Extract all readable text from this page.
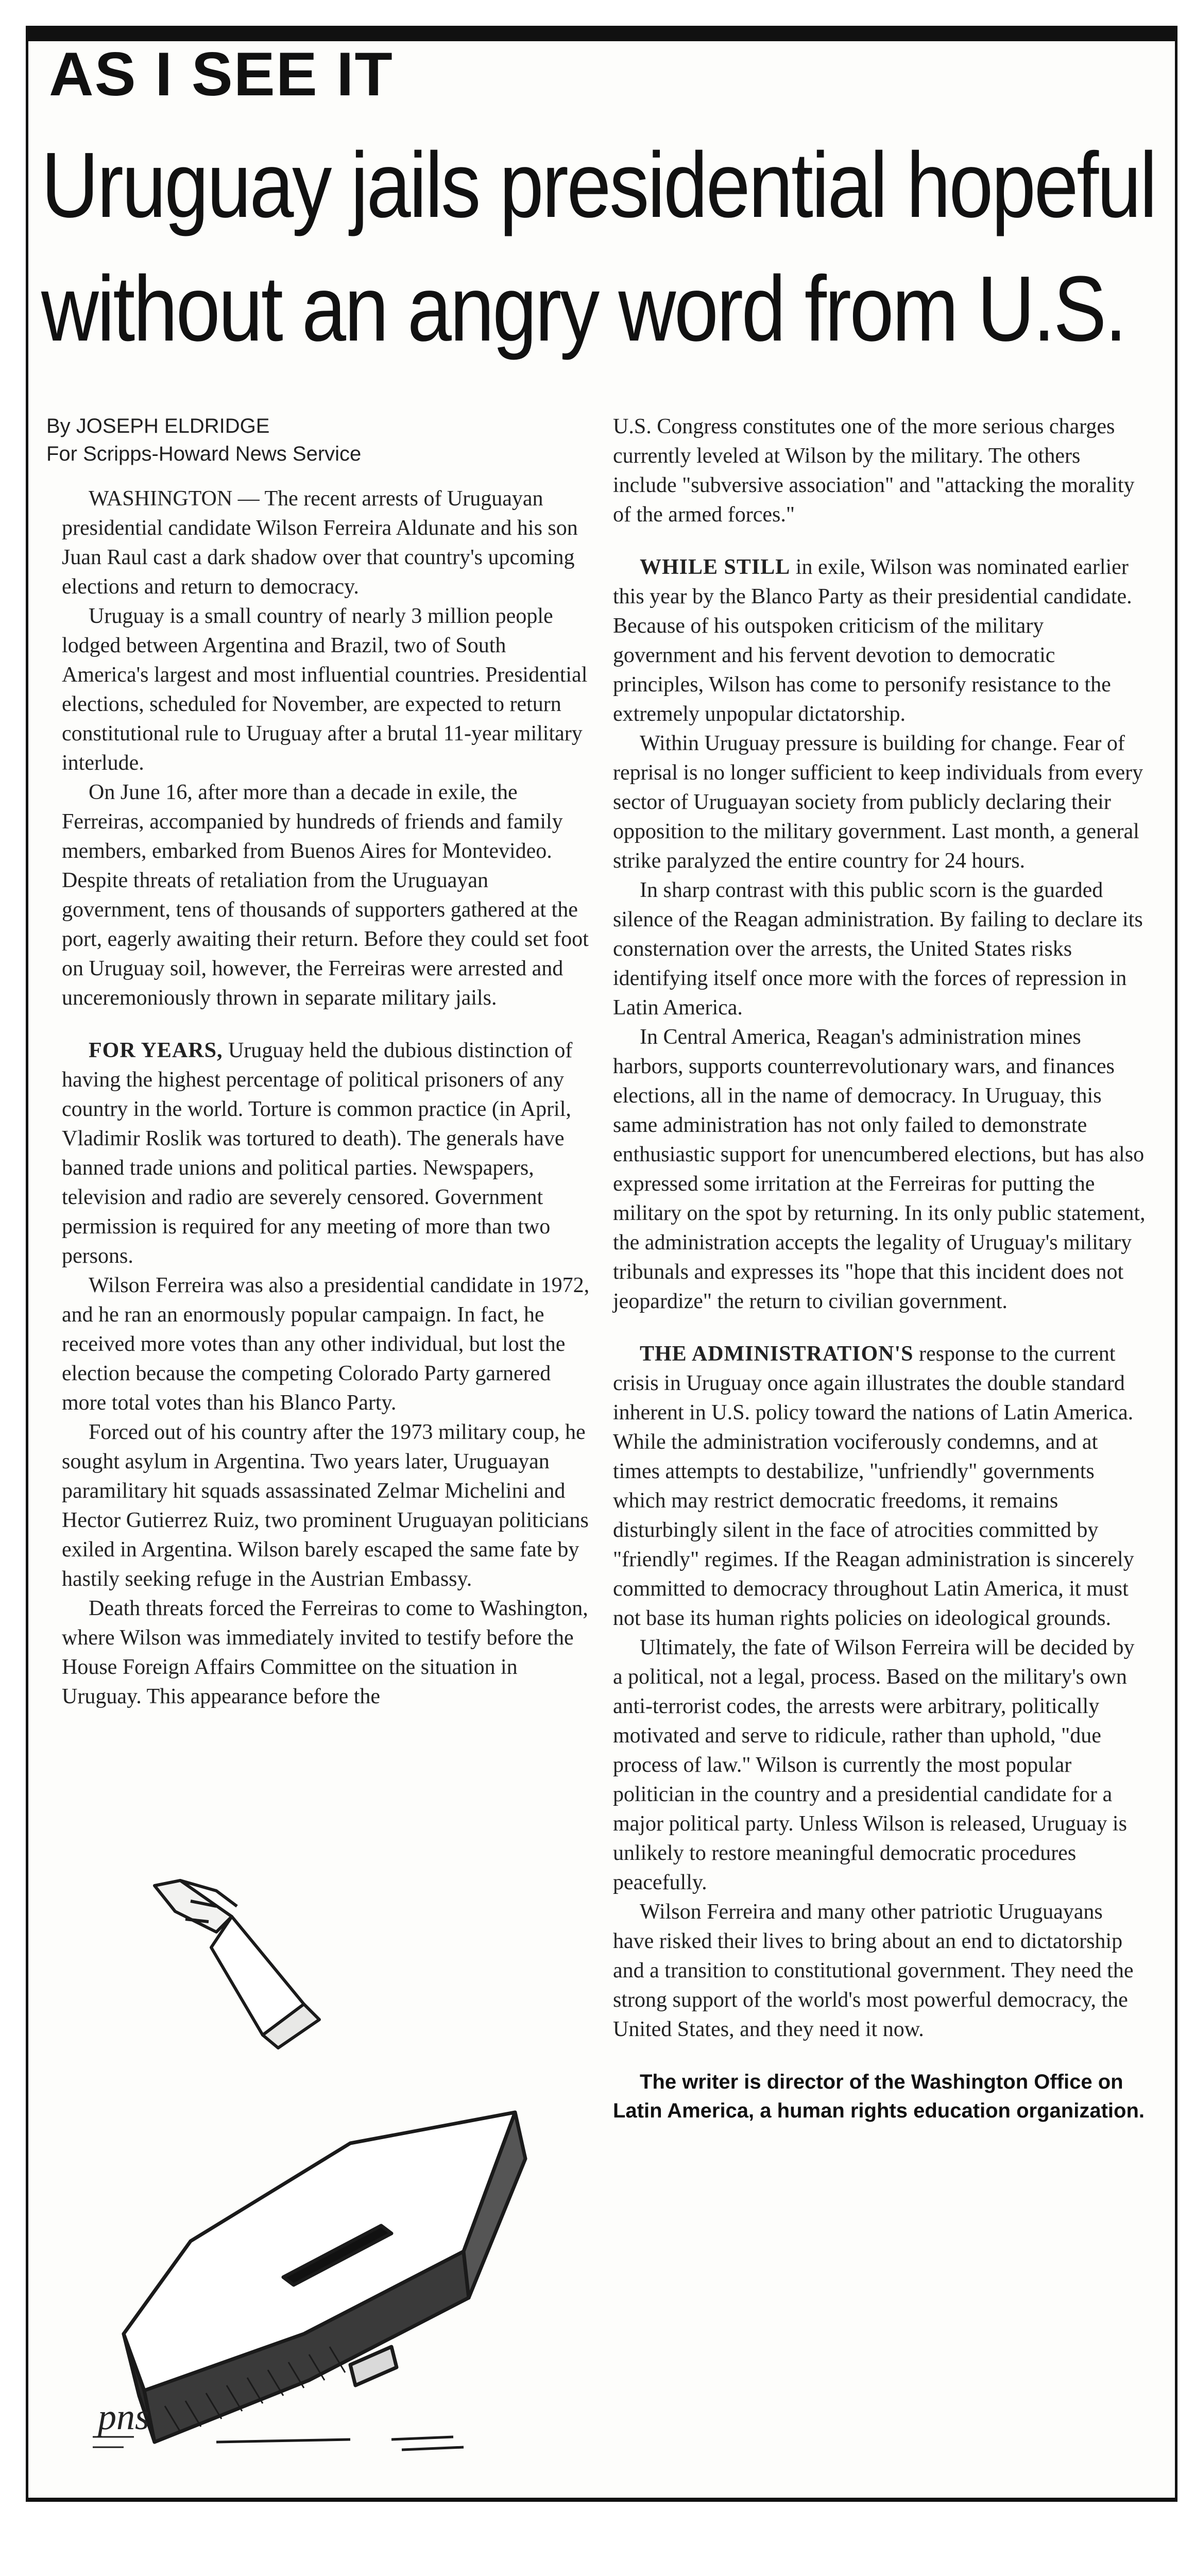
AS I SEE IT
Uruguay jails presidential hopeful
without an angry word from U.S.
By JOSEPH ELDRIDGE
For Scripps-Howard News Service

WASHINGTON — The recent arrests of Uruguayan presidential candidate Wilson Ferreira Aldunate and his son Juan Raul cast a dark shadow over that country's upcoming elections and return to democracy.

Uruguay is a small country of nearly 3 million people lodged between Argentina and Brazil, two of South America's largest and most influential countries. Presidential elections, scheduled for November, are expected to return constitutional rule to Uruguay after a brutal 11-year military interlude.

On June 16, after more than a decade in exile, the Ferreiras, accompanied by hundreds of friends and family members, embarked from Buenos Aires for Montevideo. Despite threats of retaliation from the Uruguayan government, tens of thousands of supporters gathered at the port, eagerly awaiting their return. Before they could set foot on Uruguay soil, however, the Ferreiras were arrested and unceremoniously thrown in separate military jails.

FOR YEARS, Uruguay held the dubious distinction of having the highest percentage of political prisoners of any country in the world. Torture is common practice (in April, Vladimir Roslik was tortured to death). The generals have banned trade unions and political parties. Newspapers, television and radio are severely censored. Government permission is required for any meeting of more than two persons.

Wilson Ferreira was also a presidential candidate in 1972, and he ran an enormously popular campaign. In fact, he received more votes than any other individual, but lost the election because the competing Colorado Party garnered more total votes than his Blanco Party.

Forced out of his country after the 1973 military coup, he sought asylum in Argentina. Two years later, Uruguayan paramilitary hit squads assassinated Zelmar Michelini and Hector Gutierrez Ruiz, two prominent Uruguayan politicians exiled in Argentina. Wilson barely escaped the same fate by hastily seeking refuge in the Austrian Embassy.

Death threats forced the Ferreiras to come to Washington, where Wilson was immediately invited to testify before the House Foreign Affairs Committee on the situation in Uruguay. This appearance before the

U.S. Congress constitutes one of the more serious charges currently leveled at Wilson by the military. The others include "subversive association" and "attacking the morality of the armed forces."

WHILE STILL in exile, Wilson was nominated earlier this year by the Blanco Party as their presidential candidate. Because of his outspoken criticism of the military government and his fervent devotion to democratic principles, Wilson has come to personify resistance to the extremely unpopular dictatorship.

Within Uruguay pressure is building for change. Fear of reprisal is no longer sufficient to keep individuals from every sector of Uruguayan society from publicly declaring their opposition to the military government. Last month, a general strike paralyzed the entire country for 24 hours.

In sharp contrast with this public scorn is the guarded silence of the Reagan administration. By failing to declare its consternation over the arrests, the United States risks identifying itself once more with the forces of repression in Latin America.

In Central America, Reagan's administration mines harbors, supports counterrevolutionary wars, and finances elections, all in the name of democracy. In Uruguay, this same administration has not only failed to demonstrate enthusiastic support for unencumbered elections, but has also expressed some irritation at the Ferreiras for putting the military on the spot by returning. In its only public statement, the administration accepts the legality of Uruguay's military tribunals and expresses its "hope that this incident does not jeopardize" the return to civilian government.

THE ADMINISTRATION'S response to the current crisis in Uruguay once again illustrates the double standard inherent in U.S. policy toward the nations of Latin America. While the administration vociferously condemns, and at times attempts to destabilize, "unfriendly" governments which may restrict democratic freedoms, it remains disturbingly silent in the face of atrocities committed by "friendly" regimes. If the Reagan administration is sincerely committed to democracy throughout Latin America, it must not base its human rights policies on ideological grounds.

Ultimately, the fate of Wilson Ferreira will be decided by a political, not a legal, process. Based on the military's own anti-terrorist codes, the arrests were arbitrary, politically motivated and serve to ridicule, rather than uphold, "due process of law." Wilson is currently the most popular politician in the country and a presidential candidate for a major political party. Unless Wilson is released, Uruguay is unlikely to restore meaningful democratic procedures peacefully.

Wilson Ferreira and many other patriotic Uruguayans have risked their lives to bring about an end to dictatorship and a transition to constitutional government. They need the strong support of the world's most powerful democracy, the United States, and they need it now.

The writer is director of the Washington Office on Latin America, a human rights education organization.
pns
